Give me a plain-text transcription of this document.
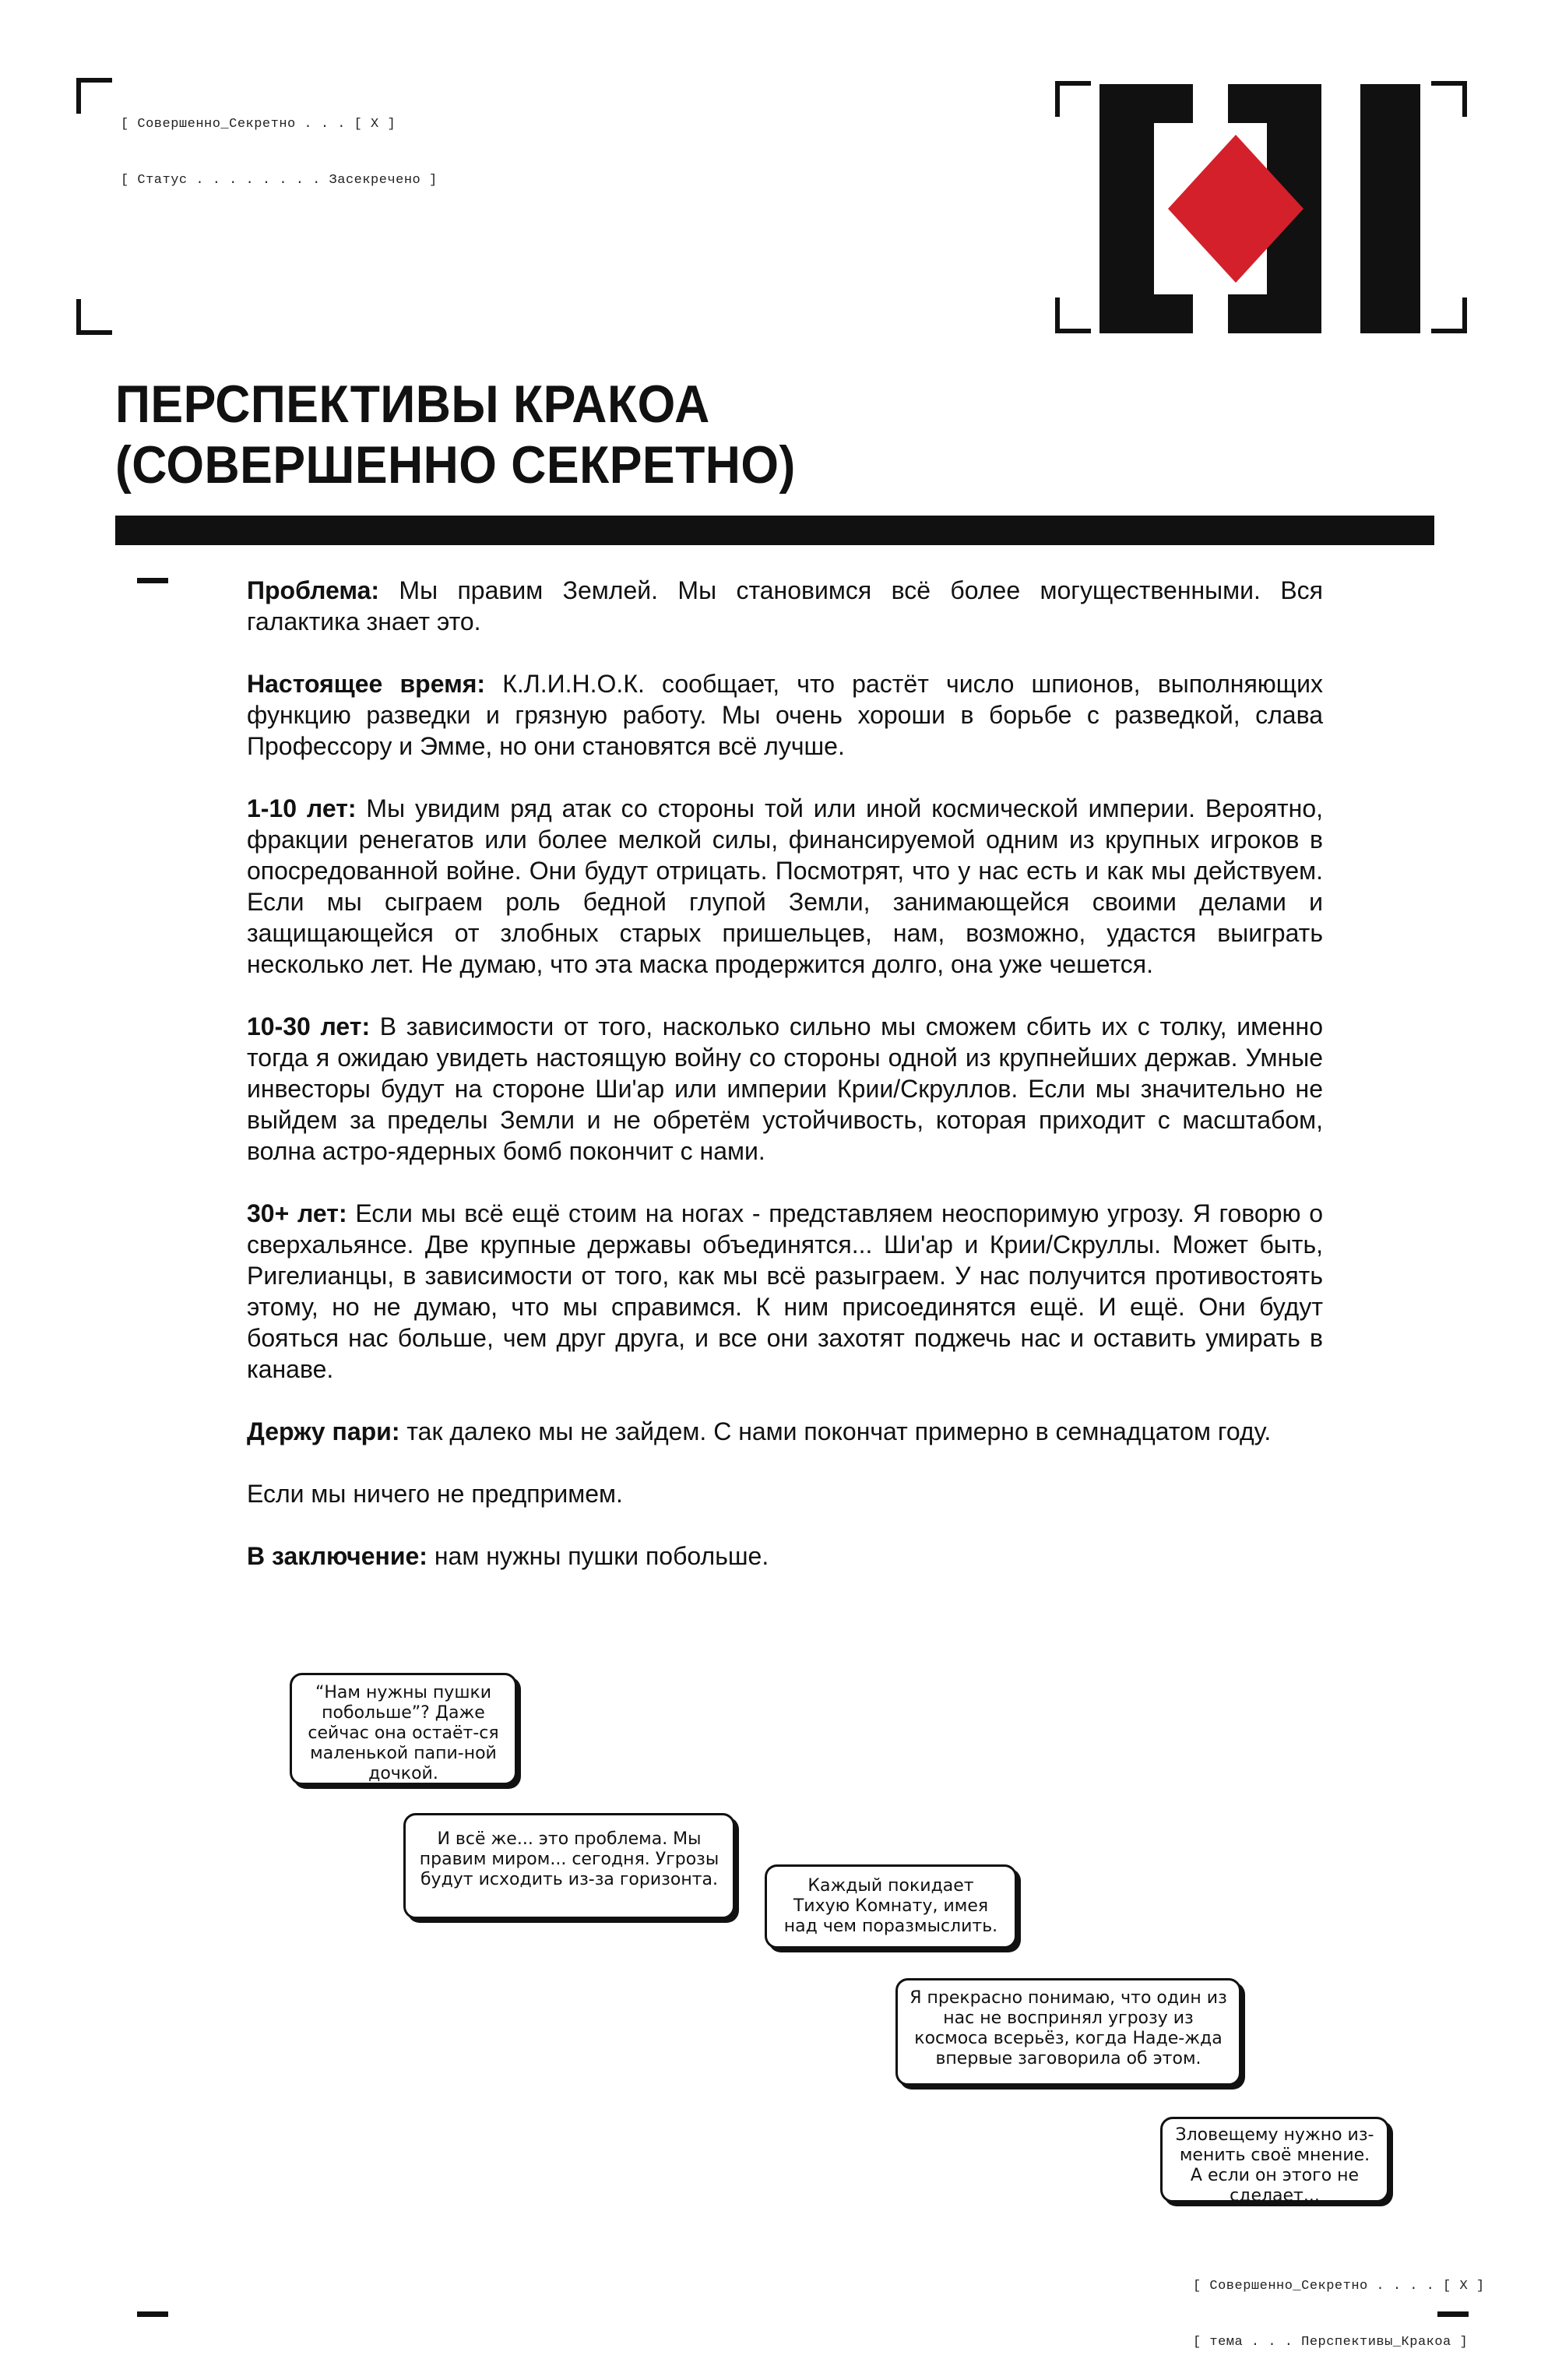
[ Совершенно_Секретно . . . [ X ]

[ Статус . . . . . . . . Засекречено ]

ПЕРСПЕКТИВЫ КРАКОА
(СОВЕРШЕННО СЕКРЕТНО)

Проблема: Мы правим Землей. Мы становимся всё более могущественными. Вся галактика знает это.

Настоящее время: К.Л.И.Н.О.К. сообщает, что растёт число шпионов, выполняющих функцию разведки и грязную работу. Мы очень хороши в борьбе с разведкой, слава Профессору и Эмме, но они становятся всё лучше.

1-10 лет: Мы увидим ряд атак со стороны той или иной космической империи. Вероятно, фракции ренегатов или более мелкой силы, финансируемой одним из крупных игроков в опосредованной войне. Они будут отрицать. Посмотрят, что у нас есть и как мы действуем. Если мы сыграем роль бедной глупой Земли, занимающейся своими делами и защищающейся от злобных старых пришельцев, нам, возможно, удастся выиграть несколько лет. Не думаю, что эта маска продержится долго, она уже чешется.

10-30 лет: В зависимости от того, насколько сильно мы сможем сбить их с толку, именно тогда я ожидаю увидеть настоящую войну со стороны одной из крупнейших держав. Умные инвесторы будут на стороне Ши'ар или империи Крии/Скруллов. Если мы значительно не выйдем за пределы Земли и не обретём устойчивость, которая приходит с масштабом, волна астро-ядерных бомб покончит с нами.

30+ лет: Если мы всё ещё стоим на ногах - представляем неоспоримую угрозу. Я говорю о сверхальянсе. Две крупные державы объединятся... Ши'ар и Крии/Скруллы. Может быть, Ригелианцы, в зависимости от того, как мы всё разыграем. У нас получится противостоять этому, но не думаю, что мы справимся. К ним присоединятся ещё. И ещё. Они будут бояться нас больше, чем друг друга, и все они захотят поджечь нас и оставить умирать в канаве.

Держу пари: так далеко мы не зайдем. С нами покончат примерно в семнадцатом году.

Если мы ничего не предпримем.

В заключение: нам нужны пушки побольше.

“Нам нужны пушки побольше”? Даже сейчас она остаёт-ся маленькой папи-ной дочкой.
И всё же... это проблема. Мы правим миром... сегодня. Угрозы будут исходить из-за горизонта.	Каждый покидает Тихую Комнату, имея над чем поразмыслить.
Я прекрасно понимаю, что один из нас не воспринял угрозу из космоса всерьёз, когда Наде-жда впервые заговорила об этом.
Зловещему нужно из-менить своё мнение. А если он этого не сделает...

[ Совершенно_Секретно . . . . [ X ]

[ тема . . . Перспективы_Кракоа ]
